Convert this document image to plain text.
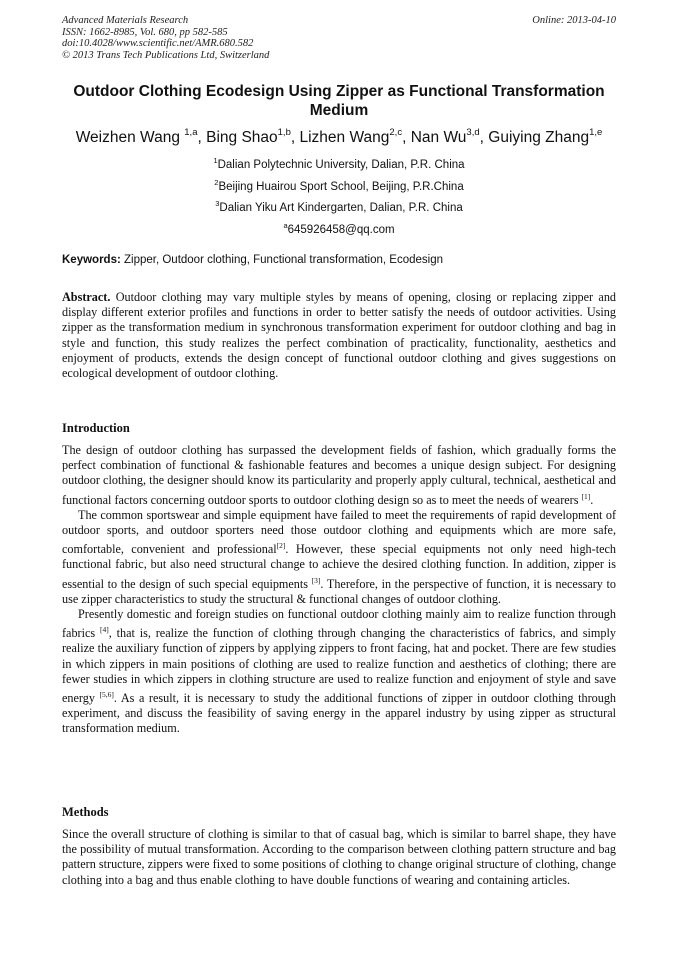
Advanced Materials Research
ISSN: 1662-8985, Vol. 680, pp 582-585
doi:10.4028/www.scientific.net/AMR.680.582
© 2013 Trans Tech Publications Ltd, Switzerland
Online: 2013-04-10
Outdoor Clothing Ecodesign Using Zipper as Functional Transformation Medium
Weizhen Wang $^{1,a}$, Bing Shao$^{1,b}$, Lizhen Wang$^{2,c}$, Nan Wu$^{3,d}$, Guiying Zhang$^{1,e}$
$^1$Dalian Polytechnic University, Dalian, P.R. China
$^2$Beijing Huairou Sport School, Beijing, P.R.China
$^3$Dalian Yiku Art Kindergarten, Dalian, P.R. China
$^a$645926458@qq.com
Keywords: Zipper, Outdoor clothing, Functional transformation, Ecodesign

Abstract. Outdoor clothing may vary multiple styles by means of opening, closing or replacing zipper and display different exterior profiles and functions in order to better satisfy the needs of outdoor activities. Using zipper as the transformation medium in synchronous transformation experiment for outdoor clothing and bag in style and function, this study realizes the perfect combination of practicality, functionality, aesthetics and enjoyment of products, extends the design concept of functional outdoor clothing and gives suggestions on ecological development of outdoor clothing.

Introduction

The design of outdoor clothing has surpassed the development fields of fashion, which gradually forms the perfect combination of functional & fashionable features and becomes a unique design subject. For designing outdoor clothing, the designer should know its particularity and properly apply cultural, technical, aesthetical and functional factors concerning outdoor sports to outdoor clothing design so as to meet the needs of wearers [1].

The common sportswear and simple equipment have failed to meet the requirements of rapid development of outdoor sports, and outdoor sporters need those outdoor clothing and equipments which are more safe, comfortable, convenient and professional[2]. However, these special equipments not only need high-tech functional fabric, but also need structural change to achieve the desired clothing function. In addition, zipper is essential to the design of such special equipments [3]. Therefore, in the perspective of function, it is necessary to use zipper characteristics to study the structural & functional changes of outdoor clothing.

Presently domestic and foreign studies on functional outdoor clothing mainly aim to realize function through fabrics [4], that is, realize the function of clothing through changing the characteristics of fabrics, and simply realize the auxiliary function of zippers by applying zippers to front facing, hat and pocket. There are few studies in which zippers in main positions of clothing are used to realize function and aesthetics of clothing; there are fewer studies in which zippers in clothing structure are used to realize function and enjoyment of style and save energy [5,6]. As a result, it is necessary to study the additional functions of zipper in outdoor clothing through experiment, and discuss the feasibility of saving energy in the apparel industry by using zipper as structural transformation medium.

Methods

Since the overall structure of clothing is similar to that of casual bag, which is similar to barrel shape, they have the possibility of mutual transformation. According to the comparison between clothing pattern structure and bag pattern structure, zippers were fixed to some positions of clothing to change original structure of clothing, change clothing into a bag and thus enable clothing to have double functions of wearing and containing articles.
